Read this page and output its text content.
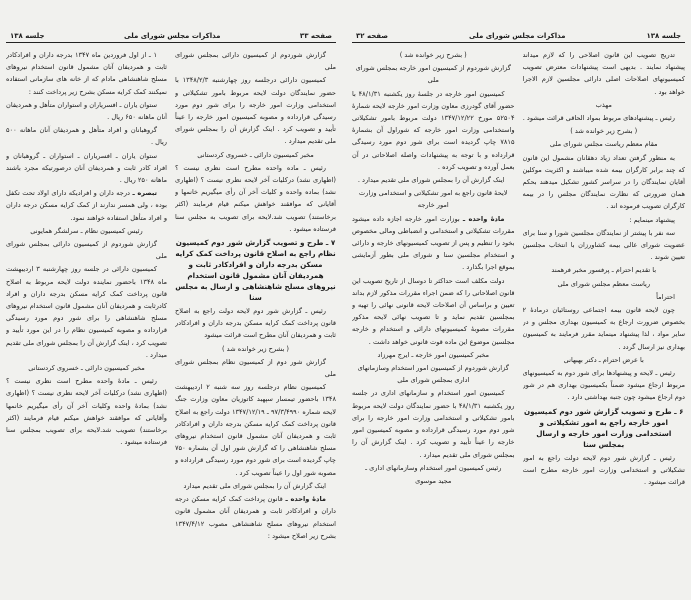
صفحه ۳۳
مذاکرات مجلس شورای ملی
جلسه ۱۳۸

گزارش شوردوم از کمیسیون دارائی بمجلس شورای ملی

کمیسیون دارائی درجلسه روز چهارشنبه ۱۳۴۸/۲/۳ با حضور نمایندگان دولت لایحه مربوط بامور تشکیلاتی و استخدامی وزارت امور خارجه را برای شور دوم مورد رسیدگی قرارداده و مصوبه کمیسیون امور خارجه را عیناً تأیید و تصویب کرد . اینک گزارش آن را بمجلس شورای ملی تقدیم میدارد .

مخبر کمیسیون دارائی ـ خسروی کردستانی

رئیس ـ ماده واحده مطرح است نظری نیست ؟ (اظهاری نشد) درکلیات آخر لایحه نظری نیست ؟ (اظهاری نشد) بماده واحده و کلیات آخر آن رأی میگیریم خانمها و آقایانی که موافقند خواهش میکنم قیام فرمایند (اکثر برخاستند) تصویب شد.لایحه برای تصویب به مجلس سنا فرستاده میشود .

۷ ـ طرح و تصویب گزارش شور دوم کمیسیون نظام راجع به اصلاح قانون پرداخت کمک کرایه مسکن بدرجه داران و افرادکادر ثابت و همردیفان آنان مشمول قانون استخدام نیروهای مسلح شاهنشاهی و ارسال به مجلس سنا

رئیس ـ گزارش شور دوم لایحه دولت راجع به اصلاح قانون پرداخت کمک کرایه مسکن بدرجه داران و افرادکادر ثابت و همردیفان آنان مطرح است قرائت میشود

( بشرح زیر خوانده شد )

گزارش شور دوم از کمیسیون نظام بمجلس شورای ملی

کمیسیون نظام درجلسه روز سه شنبه ۲ اردیبهشت ۱۳۴۸ باحضور تیمسار سپهبد کاتوزیان معاون وزارت جنگ لایحه شماره ۹۷/۳/۴۹۹۰ ـ ۱۳۴۷/۱۲/۱۹ دولت راجع به اصلاح قانون پرداخت کمک کرایه مسکن بدرجه داران و افرادکادر ثابت و همردیفان آنان مشمول قانون استخدام نیروهای مسلح شاهنشاهی را که گزارش شور اول آن بشماره ۷۵۰ چاپ گردیده است برای شور دوم مورد رسیدگی قرارداده و مصوبه شور اول را عیناً تصویب کرد .

اینک گزارش آن را بمجلس شورای ملی تقدیم میدارد

مادهٔ واحده ـ قانون پرداخت کمک کرایه مسکن درجه داران و افرادکادر ثابت و همردیفان آنان مشمول قانون استخدام نیروهای مسلح شاهنشاهی مصوب ۱۳۴۷/۴/۱۲ بشرح زیر اصلاح میشود :

۱ ـ از اول فروردین ماه ۱۳۴۷ بدرجه داران و افرادکادر ثابت و همردیفان آنان مشمول قانون استخدام نیروهای مسلح شاهنشاهی مادام که از خانه های سازمانی استفاده نمیکنند کمک کرایه مسکن بشرح زیر پرداخت کنند :

ستوان یاران ـ افسریاران و استواران متأهل و همردیفان آنان ماهانه ۶۵۰ ریال .

گروهبانان و افراد متأهل و همردیفان آنان ماهانه ۵۰۰ ریال .

ستوان یاران ـ افسریاران ـ استواران ـ گروهبانان و افراد کادر ثابت و همردیفان آنان درصورتیکه مجرد باشند ماهانه ۲۵۰ ریال .

تبصره ـ درجه داران و افرادیکه دارای اولاد تحت تکفل بوده ، ولی همسر ندارند از کمک کرایه مسکن درجه داران و افراد متأهل استفاده خواهند نمود.

رئیس کمیسیون نظام ـ سرلشگر همایونی

گزارش شوردوم از کمیسیون دارائی بمجلس شورای ملی

کمیسیون دارائی در جلسه روز چهارشنبه ۳ اردیبهشت ماه ۱۳۴۸ باحضور نماینده دولت لایحه مربوط به اصلاح قانون پرداخت کمک کرایه مسکن بدرجه داران و افراد کادرثابت و همردیفان آنان مشمول قانون استخدام نیروهای مسلح شاهنشاهی را برای شور دوم مورد رسیدگی قرارداده و مصوبه کمیسیون نظام را در این مورد تأیید و تصویب کرد ، اینک گزارش آن را بمجلس شورای ملی تقدیم میدارد .

مخبر کمیسیون دارائی ـ خسروی کردستانی

رئیس ـ مادهٔ واحده مطرح است نظری نیست ؟ (اظهاری نشد) درکلیات آخر لایحه نظری نیست ؟ (اظهاری نشد) بمادهٔ واحده وکلیات آخر آن رأی میگیریم خانمها وآقایانی که موافقند خواهش میکنم قیام فرمایند (اکثر برخاستند) تصویب شد.لایحه برای تصویب بمجلس سنا فرستاده میشود .

جلسه ۱۳۸
مذاکرات مجلس شورای ملی
صفحه ۳۲

تدریج تصویب این قانون اصلاحی را که لازم میداند پیشنهاد نمایند . بدیهی است پیشنهادات معترض تصویب کمیسیونهای اصلاحات اصلی دارائی مجلسین لازم الاجرا خواهد بود .

مهذب

رئیس ـ پیشنهادهای مربوط بمواد الحاقی قرائت میشود .

( بشرح زیر خوانده شد )

مقام معظم ریاست مجلس شورای ملی

به منظور گرفتن تعداد زیاد دهقانان مشمول این قانون که چند برابر کارگران بیمه شده میباشند و اکثریت موکلین آقایان نمایندگان را در سراسر کشور تشکیل میدهند بحکم همان ضرورتی که نظارت نمایندگان مجلس را در بیمه کارگران تصویب فرموده اند .

پیشنهاد مینمایم :

سه نفر با پیشتر از نمایندگان مجلسین شورا و سنا برای عضویت شورای عالی بیمه کشاورزان با انتخاب مجلسین تعیین شوند .

با تقدیم احترام ـ پرفسور مخبر فرهمند

ریاست معظم مجلس شورای ملی

احتراماً

چون لایحه قانون بیمه اجتماعی روستائیان درمادهٔ ۲ بخصوص ضرورت ارجاع به کمیسیون بهداری مجلس و در سایر مواد ، لذا پیشنهاد مینماید مقرر فرمایند به کمیسیون بهداری نیز ارسال گردد .

با عرض احترام ـ دکتر بهبهانی

رئیس ـ لایحه و پیشنهادها برای شور دوم به کمیسیونهای مربوط ارجاع میشود ضمناً بکمیسیون بهداری هم در شور دوم ارجاع میشود چون جنبه بهداشتی دارد .

۶ ـ طرح و تصویب گزارش شور دوم کمیسیون امور خارجه راجع به امور تشکیلاتی و استخدامی وزارت امور خارجه و ارسال بمجلس سنا

رئیس ـ گزارش شور دوم لایحه دولت راجع به امور تشکیلاتی و استخدامی وزارت امور خارجه مطرح است قرائت میشود .

( بشرح زیر خوانده شد )

گزارش شوردوم از کمیسیون امور خارجه بمجلس شورای ملی

کمیسیون امور خارجه در جلسهٔ روز یکشنبه ۴۸/۱/۳۱ با حضور آقای گودرزی معاون وزارت امور خارجه لایحه شمارهٔ ۵۲۵۰۴ مورخ ۱۳۴۷/۱۲/۲۲ دولت مربوط بامور تشکیلاتی واستخدامی وزارت امور خارجه که شوراول آن بشمارهٔ ۷۸۱۵ چاپ گردیده است برای شور دوم مورد رسیدگی قرارداده و با توجه به پیشنهادات واصله اصلاحاتی در آن بعمل آورده و تصویب کرده .

اینک گزارش آن را بمجلس شورای ملی تقدیم میدارد .

لایحهٔ قانون راجع به امور تشکیلاتی و استخدامی وزارت امور خارجه

مادهٔ واحده ـ بوزارت امور خارجه اجازه داده میشود مقررات تشکیلاتی و استخدامی و انضباطی ومالی مخصوص بخود را تنظیم و پس از تصویب کمیسیونهای خارجه و دارائی و استخدام مجلسین سنا و شورای ملی بطور آزمایشی بموقع اجرا بگذارد .

دولت مکلف است حداکثر تا دوسال از تاریخ تصویب این قانون اصلاحاتی را که ضمن اجراء مقررات مذکور لازم بداند تعیین و براساس آن اصلاحات لایحه قانونی نهائی را تهیه و بمجلسین تقدیم نماید و تا تصویب نهائی لایحه مذکور مقررات مصوبهٔ کمیسیونهای دارائی و استخدام و خارجه مجلسین موضوع این ماده قوت قانونی خواهد داشت .

مخبر کمیسیون امور خارجه ـ ایرج مهرزاد

گزارش شوردوم از کمیسیون امور استخدام وسازمانهای اداری بمجلس شورای ملی

کمیسیون امور استخدام و سازمانهای اداری در جلسه روز یکشنبه ۴۸/۱/۳۱ با حضور نمایندگان دولت لایحه مربوط بامور تشکیلاتی و استخدامی وزارت امور خارجه را برای شور دوم مورد رسیدگی قرارداده و مصوبه کمیسیون امور خارجه را عیناً تأیید و تصویب کرد . اینک گزارش آن را بمجلس شورای ملی تقدیم میدارد .

رئیس کمیسیون امور استخدام وسازمانهای اداری ـ

مجید موسوی
